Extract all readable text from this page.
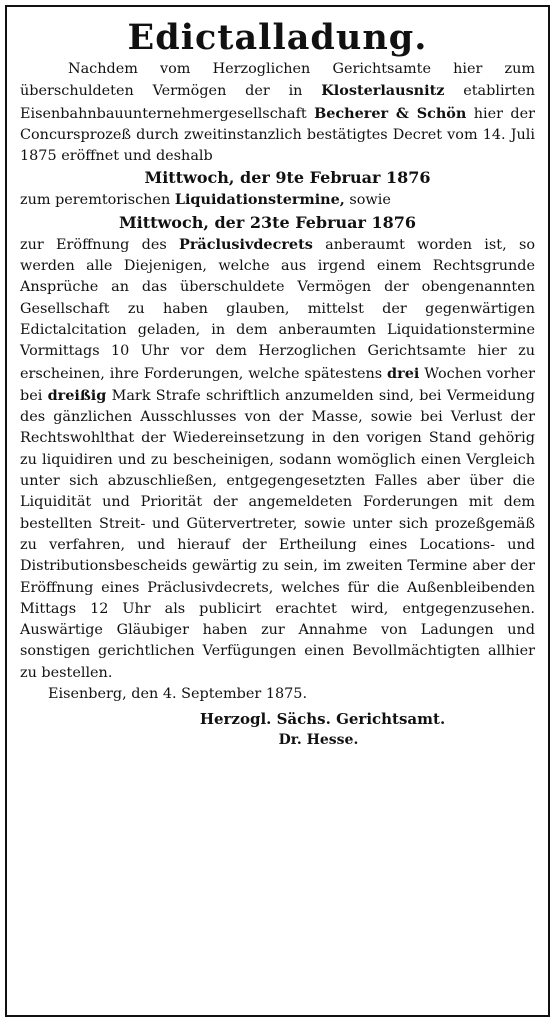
Edictalladung.

Nachdem vom Herzoglichen Gerichtsamte hier zum überschuldeten Vermögen der in Klosterlausnitz etablirten Eisenbahnbauunternehmergesellschaft Becherer & Schön hier der Concursprozeß durch zweitinstanzlich bestätigtes Decret vom 14. Juli 1875 eröffnet und deshalb

Mittwoch, der 9te Februar 1876

zum peremtorischen Liquidationstermine, sowie

Mittwoch, der 23te Februar 1876

zur Eröffnung des Präclusivdecrets anberaumt worden ist, so werden alle Diejenigen, welche aus irgend einem Rechtsgrunde Ansprüche an das überschuldete Vermögen der obengenannten Gesellschaft zu haben glauben, mittelst der gegenwärtigen Edictalcitation geladen, in dem anberaumten Liquidationstermine Vormittags 10 Uhr vor dem Herzoglichen Gerichtsamte hier zu erscheinen, ihre Forderungen, welche spätestens drei Wochen vorher bei dreißig Mark Strafe schriftlich anzumelden sind, bei Vermeidung des gänzlichen Ausschlusses von der Masse, sowie bei Verlust der Rechtswohlthat der Wiedereinsetzung in den vorigen Stand gehörig zu liquidiren und zu bescheinigen, sodann womöglich einen Vergleich unter sich abzuschließen, entgegengesetzten Falles aber über die Liquidität und Priorität der angemeldeten Forderungen mit dem bestellten Streit- und Gütervertreter, sowie unter sich prozeßgemäß zu verfahren, und hierauf der Ertheilung eines Locations- und Distributionsbescheids gewärtig zu sein, im zweiten Termine aber der Eröffnung eines Präclusivdecrets, welches für die Außenbleibenden Mittags 12 Uhr als publicirt erachtet wird, entgegenzusehen. Auswärtige Gläubiger haben zur Annahme von Ladungen und sonstigen gerichtlichen Verfügungen einen Bevollmächtigten allhier zu bestellen.

Eisenberg, den 4. September 1875.

Herzogl. Sächs. Gerichtsamt.

Dr. Hesse.
